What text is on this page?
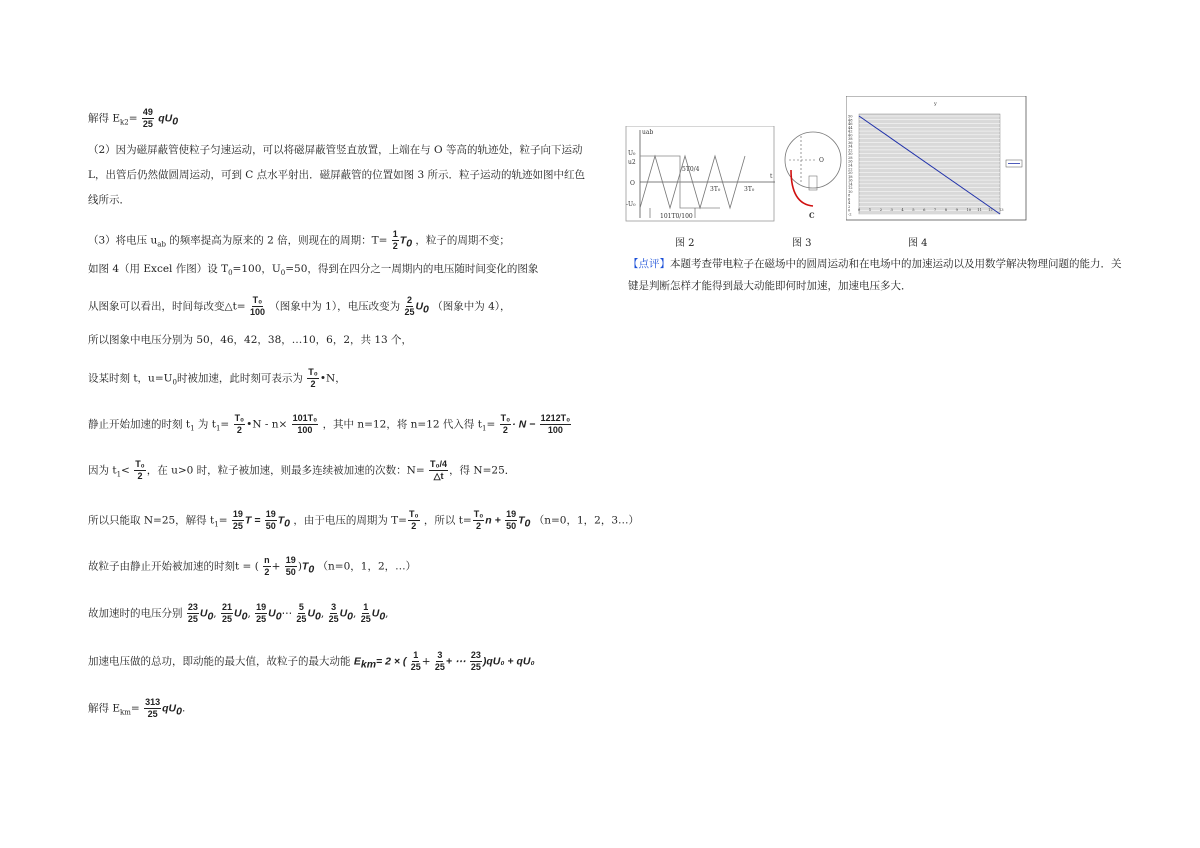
解得 $E_{k2}= \frac{49}{25} qU_0$
（2）因为磁屏蔽管使粒子匀速运动，可以将磁屏蔽管竖直放置，上端在与 O 等高的轨迹处，粒子向下运动 L，出管后仍然做圆周运动，可到 C 点水平射出．磁屏蔽管的位置如图 3 所示．粒子运动的轨迹如图中红色线所示．
（3）将电压 $u_{ab}$ 的频率提高为原来的 2 倍，则现在的周期：$T= \frac{1}{2} T_0$ ，粒子的周期不变；
如图 4（用 Excel 作图）设 $T_0=100$，$U_0=50$，得到在四分之一周期内的电压随时间变化的图象
从图象可以看出，时间每改变△t= $\frac{\text{T₀}}{100}$ （图象中为 1），电压改变为 $\frac{2}{25} U_0$ （图象中为 4），
所以图象中电压分别为 50，46，42，38，…10，6，2，共 13 个，
设某时刻 t，$u=U_0$时被加速，此时刻可表示为 $\frac{\text{T₀}}{2}$ •N，
静止开始加速的时刻 $t_1$ 为 $t_1= \frac{\text{T₀}}{2}$ •N - $n\times \frac{\text{101T₀}}{100}$ ，其中 n=12，将 n=12 代入得 $t_1= \frac{\text{T₀}}{2} \cdot N - \frac{\text{1212T₀}}{100}$
因为 $t_1< \frac{\text{T₀}}{2}$ ，在 u>0 时，粒子被加速，则最多连续被加速的次数：$N= \frac{\text{T₀/4}}{\triangle t}$ ，得 N=25．
所以只能取 N=25，解得 $t_1= \frac{19}{25}$ $T = \frac{19}{50} T_0$ ，由于电压的周期为 $T= \frac{\text{T₀}}{2}$ ，所以 $t= \frac{\text{T₀}}{2}$ $n + \frac{19}{50} T_0$ （n=0，1，2，3…）
故粒子由静止开始被加速的时刻t = ( $\frac{n}{2} + \frac{19}{50} )T_0$ （n=0，1，2，…）
故加速时的电压分别 $\frac{23}{25} U_0$, $\frac{21}{25} U_0$, $\frac{19}{25}$ $U_0\cdots \frac{5}{25} U_0$, $\frac{3}{25} U_0$, $\frac{1}{25} U_0$,
加速电压做的总功，即动能的最大值，故粒子的最大动能 $E_{km}= 2$ × ( $\frac{1}{25} + \frac{3}{25}$ + ⋯ $\frac{23}{25} )qU_0 + qU_0$
解得 $E_{km}= \frac{313}{25} qU_0$.
uab
U₀
u2
O
-U₀
5T0/4
3T₀	3T₀
101T0/100
t
O
C
50
48
46
44
42
40
38
36
34
32
30
28
26
24
22
20
18
16
14
12
10
8
6
4
2
0
-2
0 1 2 3 4 5 6 7 8 9 10 11 12 13
y
图 2	图 3	图 4
【点评】本题考查带电粒子在磁场中的圆周运动和在电场中的加速运动以及用数学解决物理问题的能力．关键是判断怎样才能得到最大动能即何时加速，加速电压多大．
